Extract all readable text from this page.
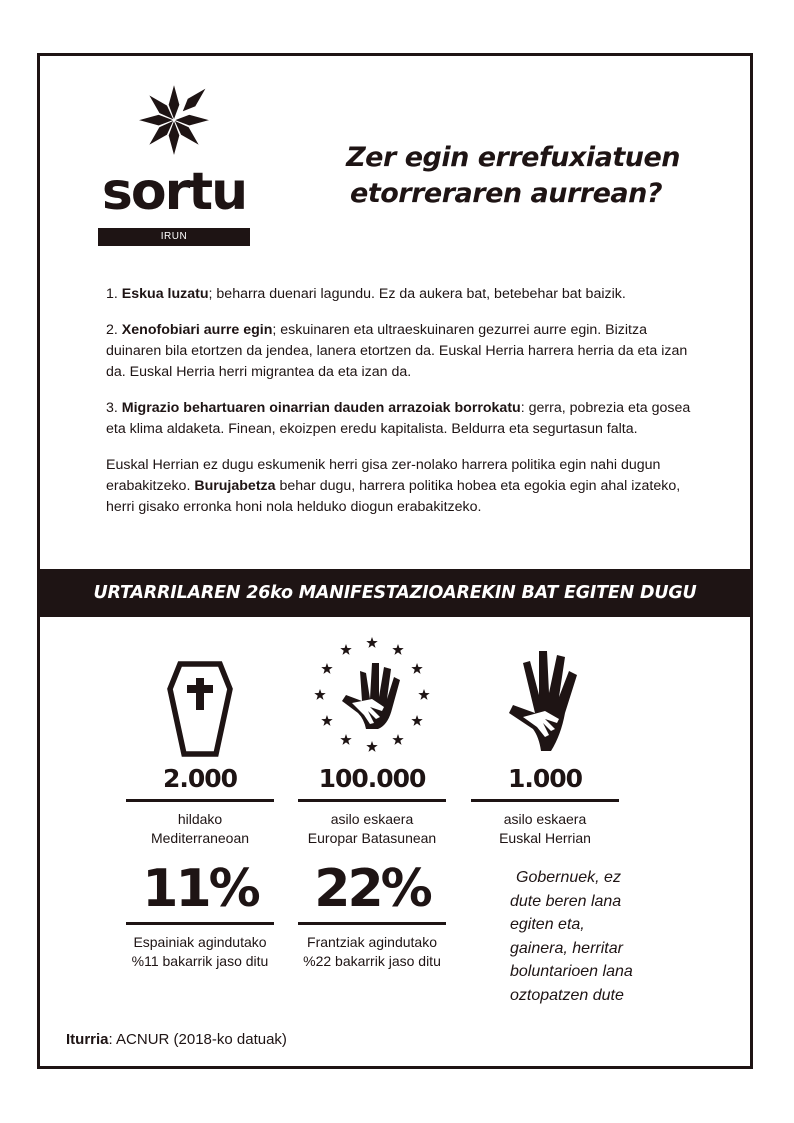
sortu
IRUN
Zer egin errefuxiatuen
etorreraren aurrean?

1. Eskua luzatu; beharra duenari lagundu. Ez da aukera bat, betebehar bat baizik.

2. Xenofobiari aurre egin; eskuinaren eta ultraeskuinaren gezurrei aurre egin. Bizitza duinaren bila etortzen da jendea, lanera etortzen da. Euskal Herria harrera herria da eta izan da. Euskal Herria herri migrantea da eta izan da.

3. Migrazio behartuaren oinarrian dauden arrazoiak borrokatu: gerra, pobrezia eta gosea eta klima aldaketa. Finean, ekoizpen eredu kapitalista. Beldurra eta segurtasun falta.

Euskal Herrian ez dugu eskumenik herri gisa zer-nolako harrera politika egin nahi dugun erabakitzeko. Burujabetza behar dugu, harrera politika hobea eta egokia egin ahal izateko, herri gisako erronka honi nola helduko diogun erabakitzeko.

URTARRILAREN 26ko MANIFESTAZIOAREKIN BAT EGITEN DUGU
2.000
hildako
Mediterraneoan
100.000
asilo eskaera
Europar Batasunean
1.000
asilo eskaera
Euskal Herrian
11%
Espainiak agindutako
%11 bakarrik jaso ditu
22%
Frantziak agindutako
%22 bakarrik jaso ditu
Gobernuek, ez
dute beren lana
egiten eta,
gainera, herritar
boluntarioen lana
oztopatzen dute
Iturria: ACNUR (2018-ko datuak)
